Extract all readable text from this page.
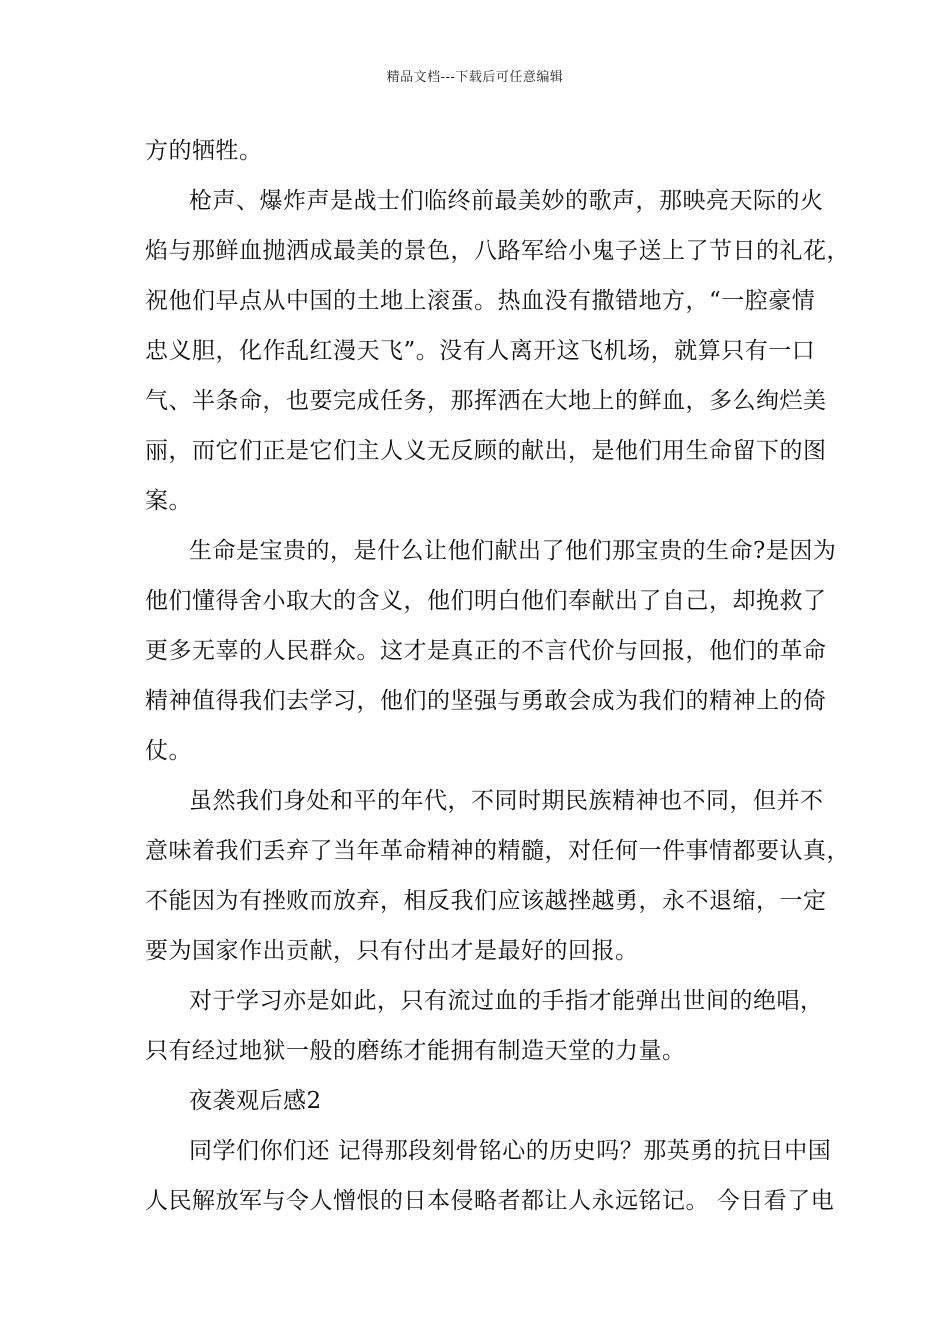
精品文档---下载后可任意编辑
方的牺牲。
枪声、爆炸声是战士们临终前最美妙的歌声，那映亮天际的火
焰与那鲜血抛洒成最美的景色，八路军给小鬼子送上了节日的礼花，
祝他们早点从中国的土地上滚蛋。热血没有撒错地方，“一腔豪情
忠义胆，化作乱红漫天飞”。没有人离开这飞机场，就算只有一口
气、半条命，也要完成任务，那挥洒在大地上的鲜血，多么绚烂美
丽，而它们正是它们主人义无反顾的献出，是他们用生命留下的图
案。
生命是宝贵的，是什么让他们献出了他们那宝贵的生命?是因为
他们懂得舍小取大的含义，他们明白他们奉献出了自己，却挽救了
更多无辜的人民群众。这才是真正的不言代价与回报，他们的革命
精神值得我们去学习，他们的坚强与勇敢会成为我们的精神上的倚
仗。
虽然我们身处和平的年代，不同时期民族精神也不同，但并不
意味着我们丢弃了当年革命精神的精髓，对任何一件事情都要认真，
不能因为有挫败而放弃，相反我们应该越挫越勇，永不退缩，一定
要为国家作出贡献，只有付出才是最好的回报。
对于学习亦是如此，只有流过血的手指才能弹出世间的绝唱，
只有经过地狱一般的磨练才能拥有制造天堂的力量。
夜袭观后感2
同学们你们还 记得那段刻骨铭心的历史吗？那英勇的抗日中国
人民解放军与令人憎恨的日本侵略者都让人永远铭记。 今日看了电
